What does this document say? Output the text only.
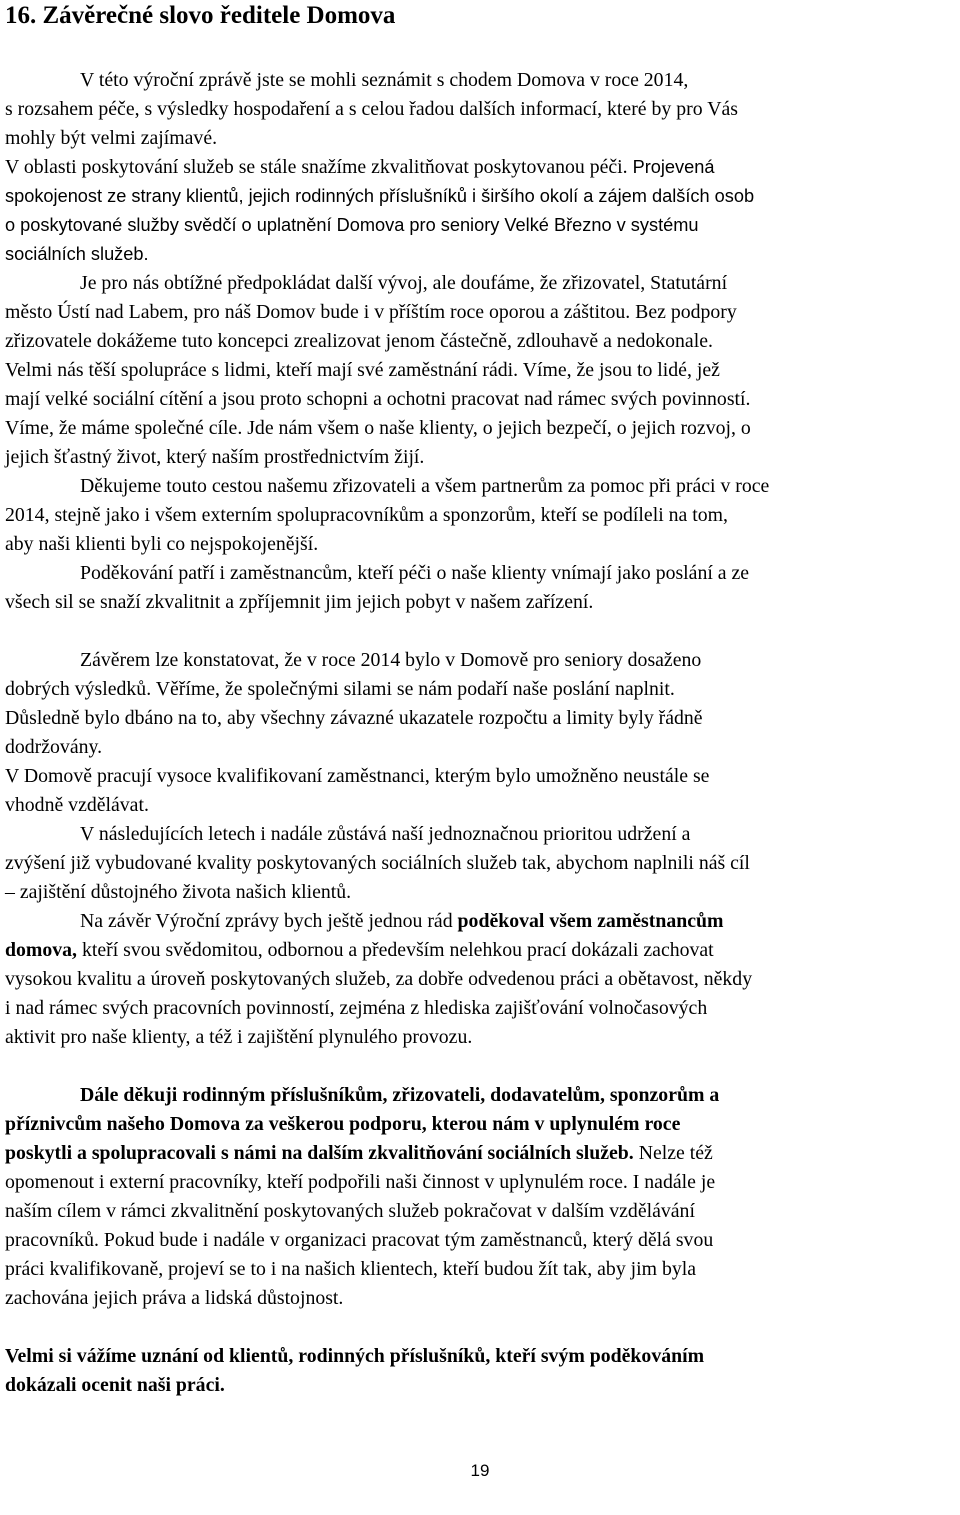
16. Závěrečné slovo ředitele Domova

V této výroční zprávě jste se mohli seznámit s chodem Domova v roce 2014,

s rozsahem péče, s výsledky hospodaření a s celou řadou dalších informací, které by pro Vás

mohly být velmi zajímavé.

V oblasti poskytování služeb se stále snažíme zkvalitňovat poskytovanou péči. Projevená

spokojenost ze strany klientů, jejich rodinných příslušníků i širšího okolí a zájem dalších osob

o poskytované služby svědčí o uplatnění Domova pro seniory Velké Březno v systému

sociálních služeb.

Je pro nás obtížné předpokládat další vývoj, ale doufáme, že zřizovatel, Statutární

město Ústí nad Labem, pro náš Domov bude i v příštím roce oporou a záštitou. Bez podpory

zřizovatele dokážeme tuto koncepci zrealizovat jenom částečně, zdlouhavě a nedokonale.

Velmi nás těší spolupráce s lidmi, kteří mají své zaměstnání rádi. Víme, že jsou to lidé, jež

mají velké sociální cítění a jsou proto schopni a ochotni pracovat nad rámec svých povinností.

Víme, že máme společné cíle. Jde nám všem o naše klienty, o jejich bezpečí, o jejich rozvoj, o

jejich šťastný život, který naším prostřednictvím žijí.

Děkujeme touto cestou našemu zřizovateli a všem partnerům za pomoc při práci v roce

2014, stejně jako i všem externím spolupracovníkům a sponzorům, kteří se podíleli na tom,

aby naši klienti byli co nejspokojenější.

Poděkování patří i zaměstnancům, kteří péči o naše klienty vnímají jako poslání a ze

všech sil se snaží zkvalitnit a zpříjemnit jim jejich pobyt v našem zařízení.

Závěrem lze konstatovat, že v roce 2014 bylo v Domově pro seniory dosaženo

dobrých výsledků. Věříme, že společnými silami se nám podaří naše poslání naplnit.

Důsledně bylo dbáno na to, aby všechny závazné ukazatele rozpočtu a limity byly řádně

dodržovány.

V Domově pracují vysoce kvalifikovaní zaměstnanci, kterým bylo umožněno neustále se

vhodně vzdělávat.

V následujících letech i nadále zůstává naší jednoznačnou prioritou udržení a

zvýšení již vybudované kvality poskytovaných sociálních služeb tak, abychom naplnili náš cíl

– zajištění důstojného života našich klientů.

Na závěr Výroční zprávy bych ještě jednou rád poděkoval všem zaměstnancům

domova, kteří svou svědomitou, odbornou a především nelehkou prací dokázali zachovat

vysokou kvalitu a úroveň poskytovaných služeb, za dobře odvedenou práci a obětavost, někdy

i nad rámec svých pracovních povinností, zejména z hlediska zajišťování volnočasových

aktivit pro naše klienty, a též i zajištění plynulého provozu.

Dále děkuji rodinným příslušníkům, zřizovateli, dodavatelům, sponzorům a

příznivcům našeho Domova za veškerou podporu, kterou nám v uplynulém roce

poskytli a spolupracovali s námi na dalším zkvalitňování sociálních služeb. Nelze též

opomenout i externí pracovníky, kteří podpořili naši činnost v uplynulém roce. I nadále je

naším cílem v rámci zkvalitnění poskytovaných služeb pokračovat v dalším vzdělávání

pracovníků. Pokud bude i nadále v organizaci pracovat tým zaměstnanců, který dělá svou

práci kvalifikovaně, projeví se to i na našich klientech, kteří budou žít tak, aby jim byla

zachována jejich práva a lidská důstojnost.

Velmi si vážíme uznání od klientů, rodinných příslušníků, kteří svým poděkováním

dokázali ocenit naši práci.

19
